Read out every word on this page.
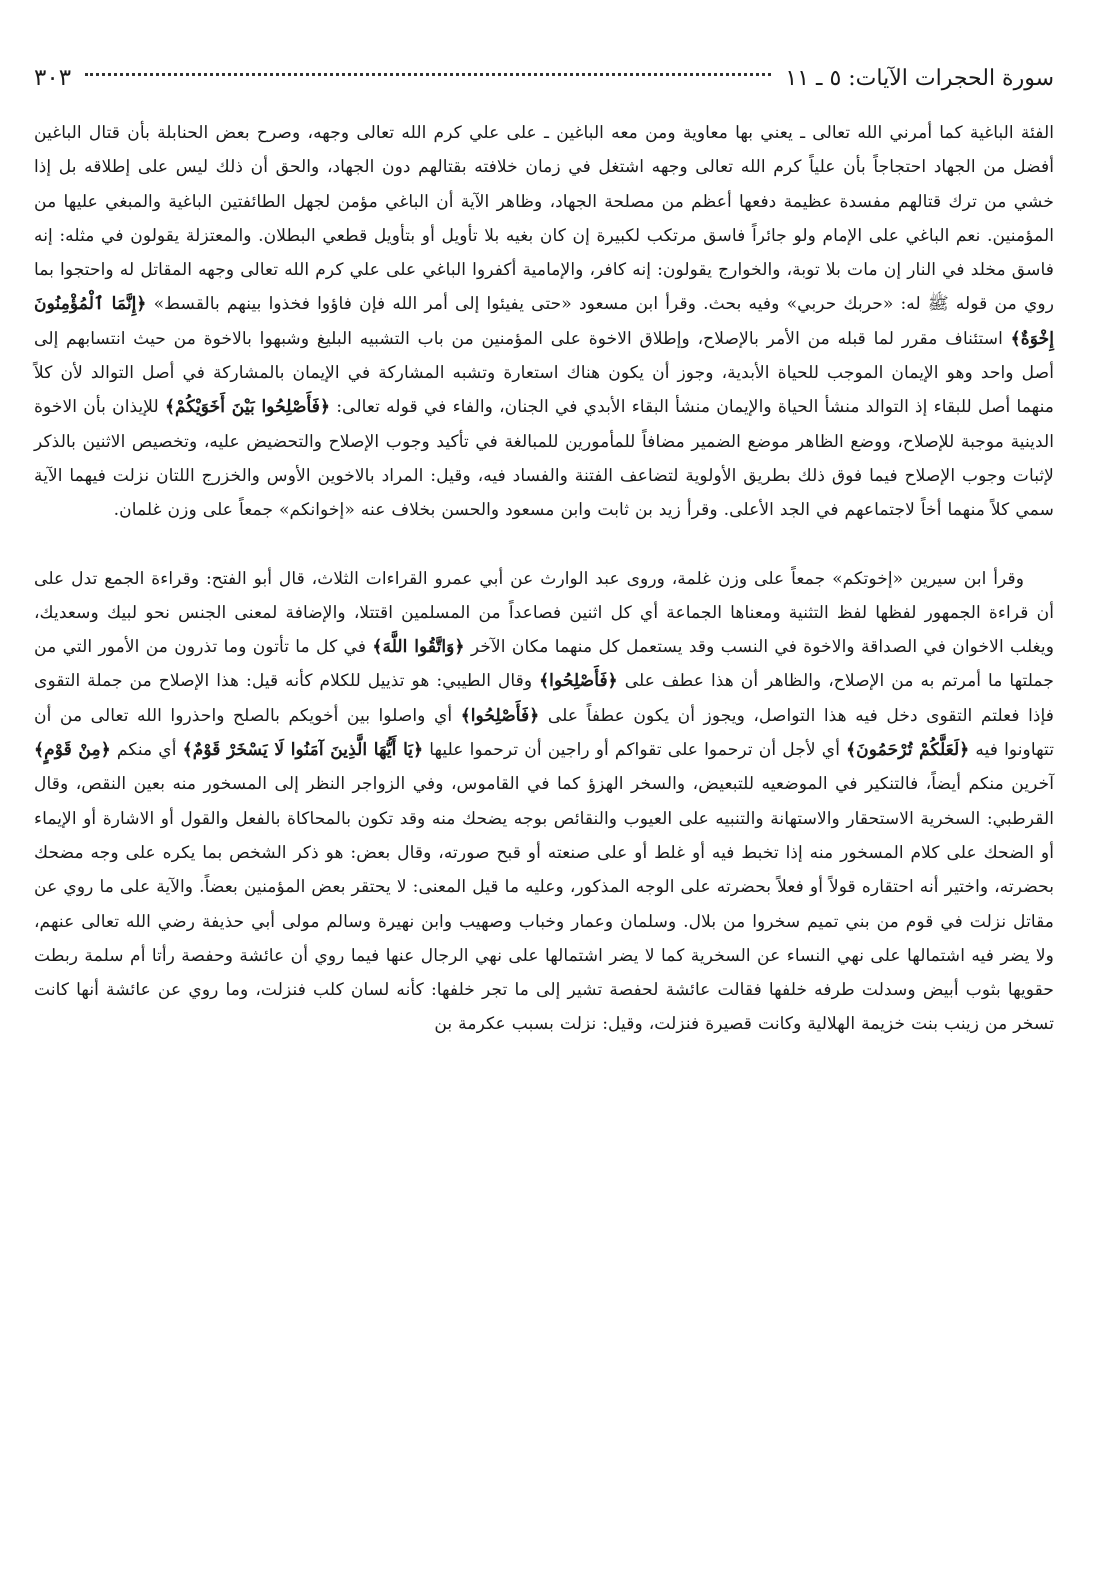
سورة الحجرات الآيات: ٥ ـ ١١
٣٠٣

الفئة الباغية كما أمرني الله تعالى ـ يعني بها معاوية ومن معه الباغين ـ على علي كرم الله تعالى وجهه، وصرح بعض الحنابلة بأن قتال الباغين أفضل من الجهاد احتجاجاً بأن علياً كرم الله تعالى وجهه اشتغل في زمان خلافته بقتالهم دون الجهاد، والحق أن ذلك ليس على إطلاقه بل إذا خشي من ترك قتالهم مفسدة عظيمة دفعها أعظم من مصلحة الجهاد، وظاهر الآية أن الباغي مؤمن لجهل الطائفتين الباغية والمبغي عليها من المؤمنين. نعم الباغي على الإمام ولو جائراً فاسق مرتكب لكبيرة إن كان بغيه بلا تأويل أو بتأويل قطعي البطلان. والمعتزلة يقولون في مثله: إنه فاسق مخلد في النار إن مات بلا توبة، والخوارج يقولون: إنه كافر، والإمامية أكفروا الباغي على علي كرم الله تعالى وجهه المقاتل له واحتجوا بما روي من قوله ﷺ له: «حربك حربي» وفيه بحث. وقرأ ابن مسعود «حتى يفيئوا إلى أمر الله فإن فاؤوا فخذوا بينهم بالقسط» ﴿إِنَّمَا ٱلْمُؤْمِنُونَ إِخْوَةٌ﴾ استئناف مقرر لما قبله من الأمر بالإصلاح، وإطلاق الاخوة على المؤمنين من باب التشبيه البليغ وشبهوا بالاخوة من حيث انتسابهم إلى أصل واحد وهو الإيمان الموجب للحياة الأبدية، وجوز أن يكون هناك استعارة وتشبه المشاركة في الإيمان بالمشاركة في أصل التوالد لأن كلاً منهما أصل للبقاء إذ التوالد منشأ الحياة والإيمان منشأ البقاء الأبدي في الجنان، والفاء في قوله تعالى: ﴿فَأَصْلِحُوا بَيْنَ أَخَوَيْكُمْ﴾ للإيذان بأن الاخوة الدينية موجبة للإصلاح، ووضع الظاهر موضع الضمير مضافاً للمأمورين للمبالغة في تأكيد وجوب الإصلاح والتحضيض عليه، وتخصيص الاثنين بالذكر لإثبات وجوب الإصلاح فيما فوق ذلك بطريق الأولوية لتضاعف الفتنة والفساد فيه، وقيل: المراد بالاخوين الأوس والخزرج اللتان نزلت فيهما الآية سمي كلاً منهما أخاً لاجتماعهم في الجد الأعلى. وقرأ زيد بن ثابت وابن مسعود والحسن بخلاف عنه «إخوانكم» جمعاً على وزن غلمان.

وقرأ ابن سيرين «إخوتكم» جمعاً على وزن غلمة، وروى عبد الوارث عن أبي عمرو القراءات الثلاث، قال أبو الفتح: وقراءة الجمع تدل على أن قراءة الجمهور لفظها لفظ التثنية ومعناها الجماعة أي كل اثنين فصاعداً من المسلمين اقتتلا، والإضافة لمعنى الجنس نحو لبيك وسعديك، ويغلب الاخوان في الصداقة والاخوة في النسب وقد يستعمل كل منهما مكان الآخر ﴿وَاتَّقُوا اللَّهَ﴾ في كل ما تأتون وما تذرون من الأمور التي من جملتها ما أمرتم به من الإصلاح، والظاهر أن هذا عطف على ﴿فَأَصْلِحُوا﴾ وقال الطيبي: هو تذييل للكلام كأنه قيل: هذا الإصلاح من جملة التقوى فإذا فعلتم التقوى دخل فيه هذا التواصل، ويجوز أن يكون عطفاً على ﴿فَأَصْلِحُوا﴾ أي واصلوا بين أخويكم بالصلح واحذروا الله تعالى من أن تتهاونوا فيه ﴿لَعَلَّكُمْ تُرْحَمُونَ﴾ أي لأجل أن ترحموا على تقواكم أو راجين أن ترحموا عليها ﴿يَا أَيُّهَا الَّذِينَ آمَنُوا لَا يَسْخَرْ قَوْمٌ﴾ أي منكم ﴿مِنْ قَوْمٍ﴾ آخرين منكم أيضاً، فالتنكير في الموضعيه للتبعيض، والسخر الهزؤ كما في القاموس، وفي الزواجر النظر إلى المسخور منه بعين النقص، وقال القرطبي: السخرية الاستحقار والاستهانة والتنبيه على العيوب والنقائص بوجه يضحك منه وقد تكون بالمحاكاة بالفعل والقول أو الاشارة أو الإيماء أو الضحك على كلام المسخور منه إذا تخبط فيه أو غلط أو على صنعته أو قبح صورته، وقال بعض: هو ذكر الشخص بما يكره على وجه مضحك بحضرته، واختير أنه احتقاره قولاً أو فعلاً بحضرته على الوجه المذكور، وعليه ما قيل المعنى: لا يحتقر بعض المؤمنين بعضاً. والآية على ما روي عن مقاتل نزلت في قوم من بني تميم سخروا من بلال. وسلمان وعمار وخباب وصهيب وابن نهيرة وسالم مولى أبي حذيفة رضي الله تعالى عنهم، ولا يضر فيه اشتمالها على نهي النساء عن السخرية كما لا يضر اشتمالها على نهي الرجال عنها فيما روي أن عائشة وحفصة رأتا أم سلمة ربطت حقويها بثوب أبيض وسدلت طرفه خلفها فقالت عائشة لحفصة تشير إلى ما تجر خلفها: كأنه لسان كلب فنزلت، وما روي عن عائشة أنها كانت تسخر من زينب بنت خزيمة الهلالية وكانت قصيرة فنزلت، وقيل: نزلت بسبب عكرمة بن
